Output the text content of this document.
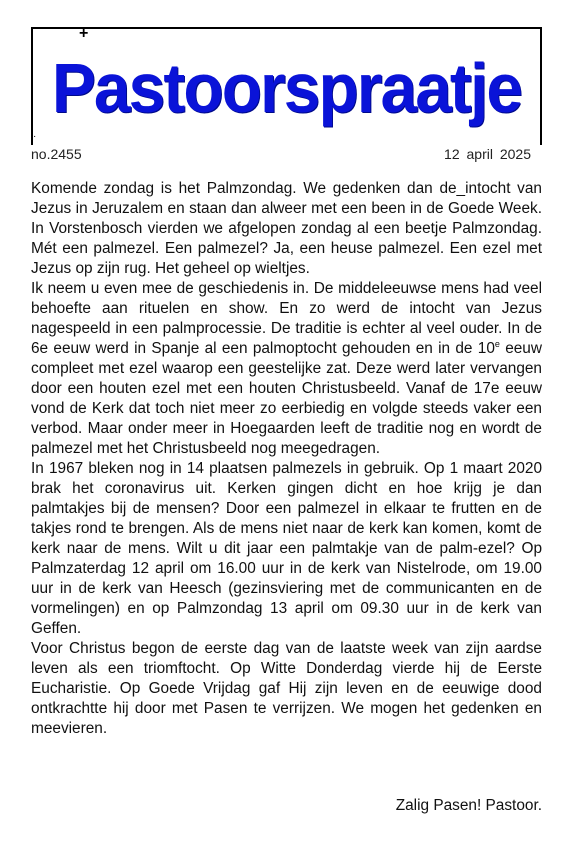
+
·
Pastoorspraatje
no.2455	12 april 2025

Komende zondag is het Palmzondag. We gedenken dan de_intocht van Jezus in Jeruzalem en staan dan alweer met een been in de Goede Week. In Vorstenbosch vierden we afgelopen zondag al een beetje Palmzondag. Mét een palmezel. Een palmezel? Ja, een heuse palmezel. Een ezel met Jezus op zijn rug. Het geheel op wieltjes.

Ik neem u even mee de geschiedenis in. De middeleeuwse mens had veel behoefte aan rituelen en show. En zo werd de intocht van Jezus nagespeeld in een palmprocessie. De traditie is echter al veel ouder. In de 6e eeuw werd in Spanje al een palmoptocht gehouden en in de 10e eeuw compleet met ezel waarop een geestelijke zat. Deze werd later vervangen door een houten ezel met een houten Christusbeeld. Vanaf de 17e eeuw vond de Kerk dat toch niet meer zo eerbiedig en volgde steeds vaker een verbod. Maar onder meer in Hoegaarden leeft de traditie nog en wordt de palmezel met het Christusbeeld nog meegedragen.

In 1967 bleken nog in 14 plaatsen palmezels in gebruik. Op 1 maart 2020 brak het coronavirus uit. Kerken gingen dicht en hoe krijg je dan palmtakjes bij de mensen? Door een palmezel in elkaar te frutten en de takjes rond te brengen. Als de mens niet naar de kerk kan komen, komt de kerk naar de mens. Wilt u dit jaar een palmtakje van de palm-ezel? Op Palmzaterdag 12 april om 16.00 uur in de kerk van Nistelrode, om 19.00 uur in de kerk van Heesch (gezinsviering met de communicanten en de vormelingen) en op Palmzondag 13 april om 09.30 uur in de kerk van Geffen.

Voor Christus begon de eerste dag van de laatste week van zijn aardse leven als een triomftocht. Op Witte Donderdag vierde hij de Eerste Eucharistie. Op Goede Vrijdag gaf Hij zijn leven en de eeuwige dood ontkrachtte hij door met Pasen te verrijzen. We mogen het gedenken en meevieren.

Zalig Pasen! Pastoor.
